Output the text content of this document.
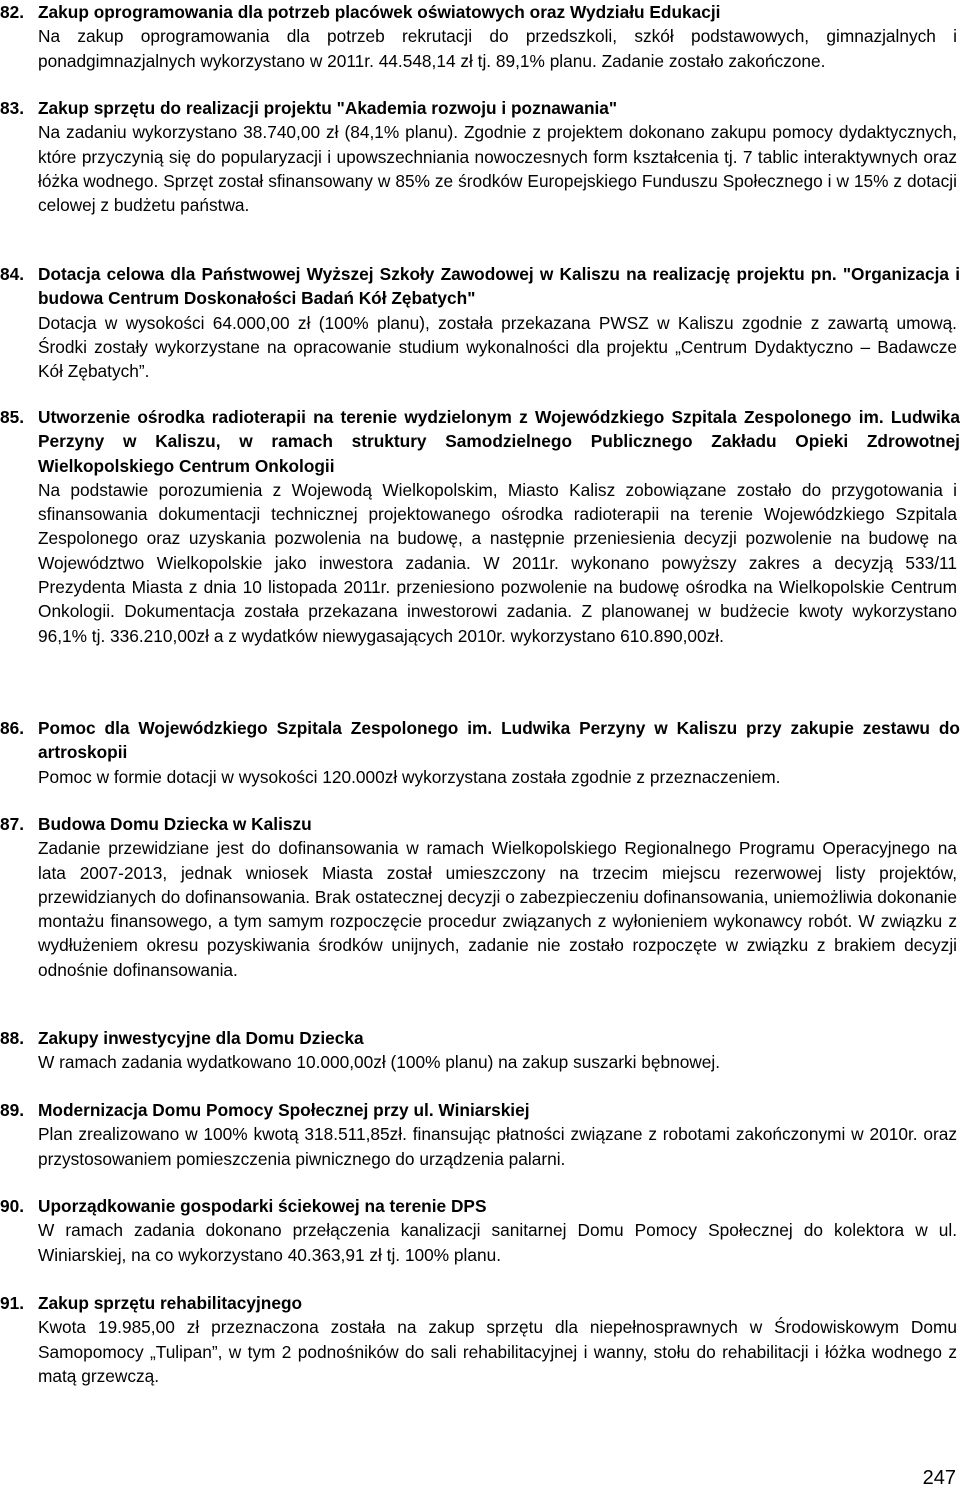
82. Zakup oprogramowania dla potrzeb placówek oświatowych oraz Wydziału Edukacji
Na zakup oprogramowania dla potrzeb rekrutacji do przedszkoli, szkół podstawowych, gimnazjalnych i ponadgimnazjalnych wykorzystano w 2011r. 44.548,14 zł tj. 89,1% planu. Zadanie zostało zakończone.
83. Zakup sprzętu do realizacji projektu "Akademia rozwoju i poznawania"
Na zadaniu wykorzystano 38.740,00 zł (84,1% planu). Zgodnie z projektem dokonano zakupu pomocy dydaktycznych, które przyczynią się do popularyzacji i upowszechniania nowoczesnych form kształcenia tj. 7 tablic interaktywnych oraz łóżka wodnego. Sprzęt został sfinansowany w 85% ze środków Europejskiego Funduszu Społecznego i w 15% z dotacji celowej z budżetu państwa.
84. Dotacja celowa dla Państwowej Wyższej Szkoły Zawodowej w Kaliszu na realizację projektu pn. "Organizacja i budowa Centrum Doskonałości Badań Kół Zębatych"
Dotacja w wysokości 64.000,00 zł (100% planu), została przekazana PWSZ w Kaliszu zgodnie z zawartą umową. Środki zostały wykorzystane na opracowanie studium wykonalności dla projektu „Centrum Dydaktyczno – Badawcze Kół Zębatych”.
85. Utworzenie ośrodka radioterapii na terenie wydzielonym z Wojewódzkiego Szpitala Zespolonego im. Ludwika Perzyny w Kaliszu, w ramach struktury Samodzielnego Publicznego Zakładu Opieki Zdrowotnej Wielkopolskiego Centrum Onkologii
Na podstawie porozumienia z Wojewodą Wielkopolskim, Miasto Kalisz zobowiązane zostało do przygotowania i sfinansowania dokumentacji technicznej projektowanego ośrodka radioterapii na terenie Wojewódzkiego Szpitala Zespolonego oraz uzyskania pozwolenia na budowę, a następnie przeniesienia decyzji pozwolenie na budowę na Województwo Wielkopolskie jako inwestora zadania. W 2011r. wykonano powyższy zakres a decyzją 533/11 Prezydenta Miasta z dnia 10 listopada 2011r. przeniesiono pozwolenie na budowę ośrodka na Wielkopolskie Centrum Onkologii. Dokumentacja została przekazana inwestorowi zadania. Z planowanej w budżecie kwoty wykorzystano 96,1% tj. 336.210,00zł a z wydatków niewygasających 2010r. wykorzystano 610.890,00zł.
86. Pomoc dla Wojewódzkiego Szpitala Zespolonego im. Ludwika Perzyny w Kaliszu przy zakupie zestawu do artroskopii
Pomoc w formie dotacji w wysokości 120.000zł wykorzystana została zgodnie z przeznaczeniem.
87. Budowa Domu Dziecka w Kaliszu
Zadanie przewidziane jest do dofinansowania w ramach Wielkopolskiego Regionalnego Programu Operacyjnego na lata 2007-2013, jednak wniosek Miasta został umieszczony na trzecim miejscu rezerwowej listy projektów, przewidzianych do dofinansowania. Brak ostatecznej decyzji o zabezpieczeniu dofinansowania, uniemożliwia dokonanie montażu finansowego, a tym samym rozpoczęcie procedur związanych z wyłonieniem wykonawcy robót. W związku z wydłużeniem okresu pozyskiwania środków unijnych, zadanie nie zostało rozpoczęte w związku z brakiem decyzji odnośnie dofinansowania.
88. Zakupy inwestycyjne dla Domu Dziecka
W ramach zadania wydatkowano 10.000,00zł (100% planu) na zakup suszarki bębnowej.
89. Modernizacja Domu Pomocy Społecznej przy ul. Winiarskiej
Plan zrealizowano w 100% kwotą 318.511,85zł. finansując płatności związane z robotami zakończonymi w 2010r. oraz przystosowaniem pomieszczenia piwnicznego do urządzenia palarni.
90. Uporządkowanie gospodarki ściekowej na terenie DPS
W ramach zadania dokonano przełączenia kanalizacji sanitarnej Domu Pomocy Społecznej do kolektora w ul. Winiarskiej, na co wykorzystano 40.363,91 zł tj. 100% planu.
91. Zakup sprzętu rehabilitacyjnego
Kwota 19.985,00 zł przeznaczona została na zakup sprzętu dla niepełnosprawnych w Środowiskowym Domu Samopomocy „Tulipan”, w tym 2 podnośników do sali rehabilitacyjnej i wanny, stołu do rehabilitacji i łóżka wodnego z matą grzewczą.
247
